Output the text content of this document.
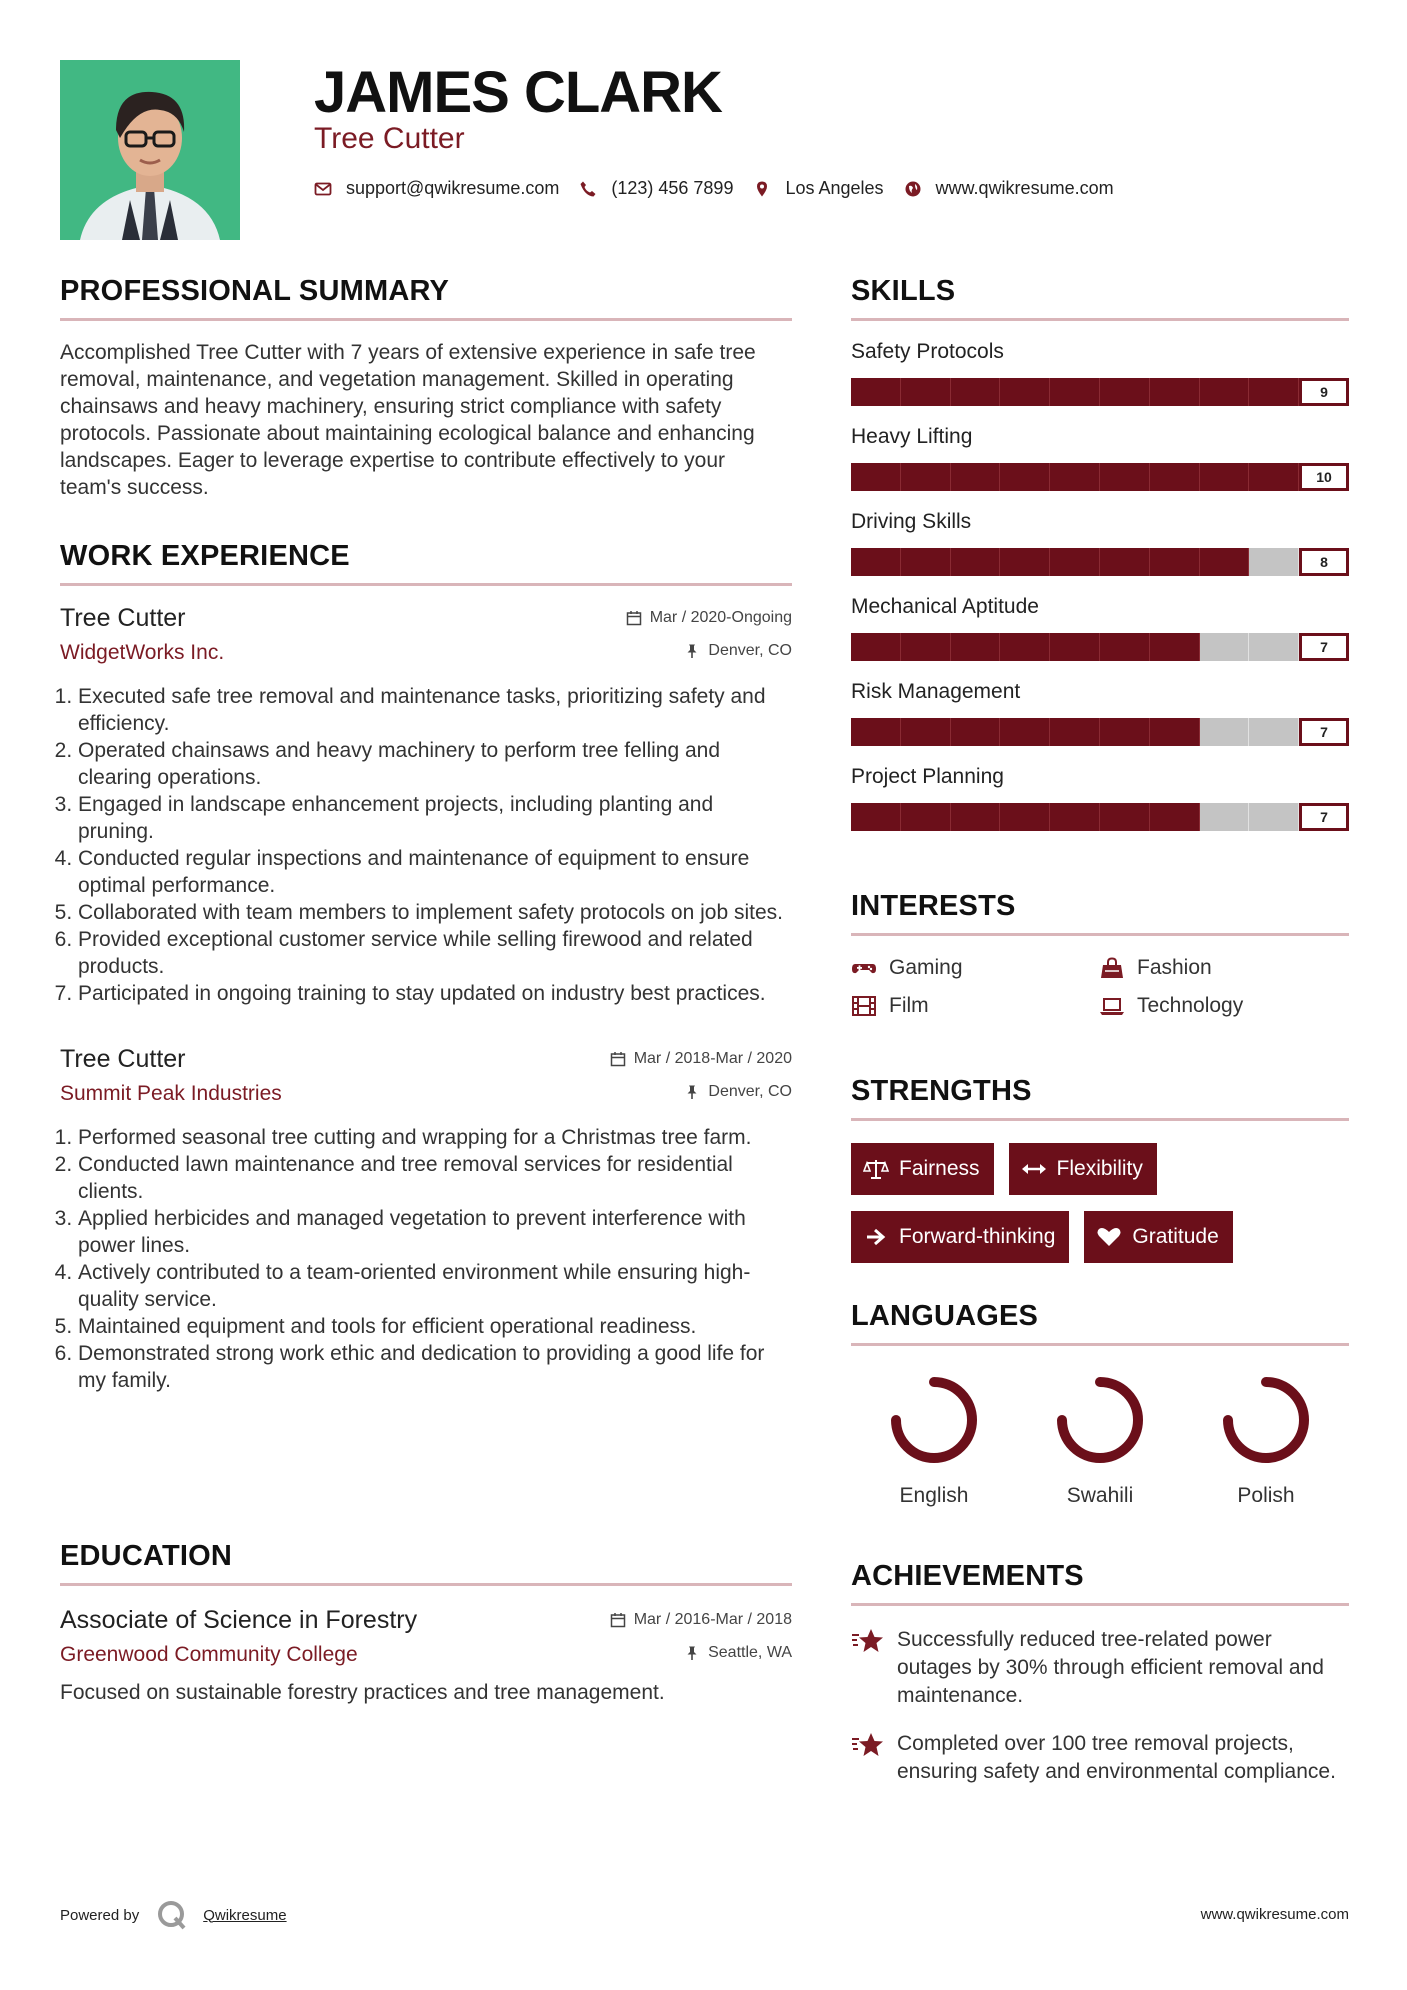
JAMES CLARK
Tree Cutter
support@qwikresume.com	(123) 456 7899	Los Angeles	www.qwikresume.com
PROFESSIONAL SUMMARY

Accomplished Tree Cutter with 7 years of extensive experience in safe tree removal, maintenance, and vegetation management. Skilled in operating chainsaws and heavy machinery, ensuring strict compliance with safety protocols. Passionate about maintaining ecological balance and enhancing landscapes. Eager to leverage expertise to contribute effectively to your team's success.

WORK EXPERIENCE
Tree Cutter	Mar / 2020-Ongoing
WidgetWorks Inc.	Denver, CO
1. Executed safe tree removal and maintenance tasks, prioritizing safety and efficiency.
2. Operated chainsaws and heavy machinery to perform tree felling and clearing operations.
3. Engaged in landscape enhancement projects, including planting and pruning.
4. Conducted regular inspections and maintenance of equipment to ensure optimal performance.
5. Collaborated with team members to implement safety protocols on job sites.
6. Provided exceptional customer service while selling firewood and related products.
7. Participated in ongoing training to stay updated on industry best practices.
Tree Cutter	Mar / 2018-Mar / 2020
Summit Peak Industries	Denver, CO
1. Performed seasonal tree cutting and wrapping for a Christmas tree farm.
2. Conducted lawn maintenance and tree removal services for residential clients.
3. Applied herbicides and managed vegetation to prevent interference with power lines.
4. Actively contributed to a team-oriented environment while ensuring high-quality service.
5. Maintained equipment and tools for efficient operational readiness.
6. Demonstrated strong work ethic and dedication to providing a good life for my family.
EDUCATION
Associate of Science in Forestry	Mar / 2016-Mar / 2018
Greenwood Community College	Seattle, WA

Focused on sustainable forestry practices and tree management.

SKILLS
Safety Protocols
9
Heavy Lifting
10
Driving Skills
8
Mechanical Aptitude
7
Risk Management
7
Project Planning
7
INTERESTS
Gaming	Fashion
Film	Technology
STRENGTHS
Fairness	Flexibility
Forward-thinking	Gratitude
LANGUAGES
English	Swahili	Polish
ACHIEVEMENTS

Successfully reduced tree-related power outages by 30% through efficient removal and maintenance.

Completed over 100 tree removal projects, ensuring safety and environmental compliance.

Powered by	Qwikresume	www.qwikresume.com
